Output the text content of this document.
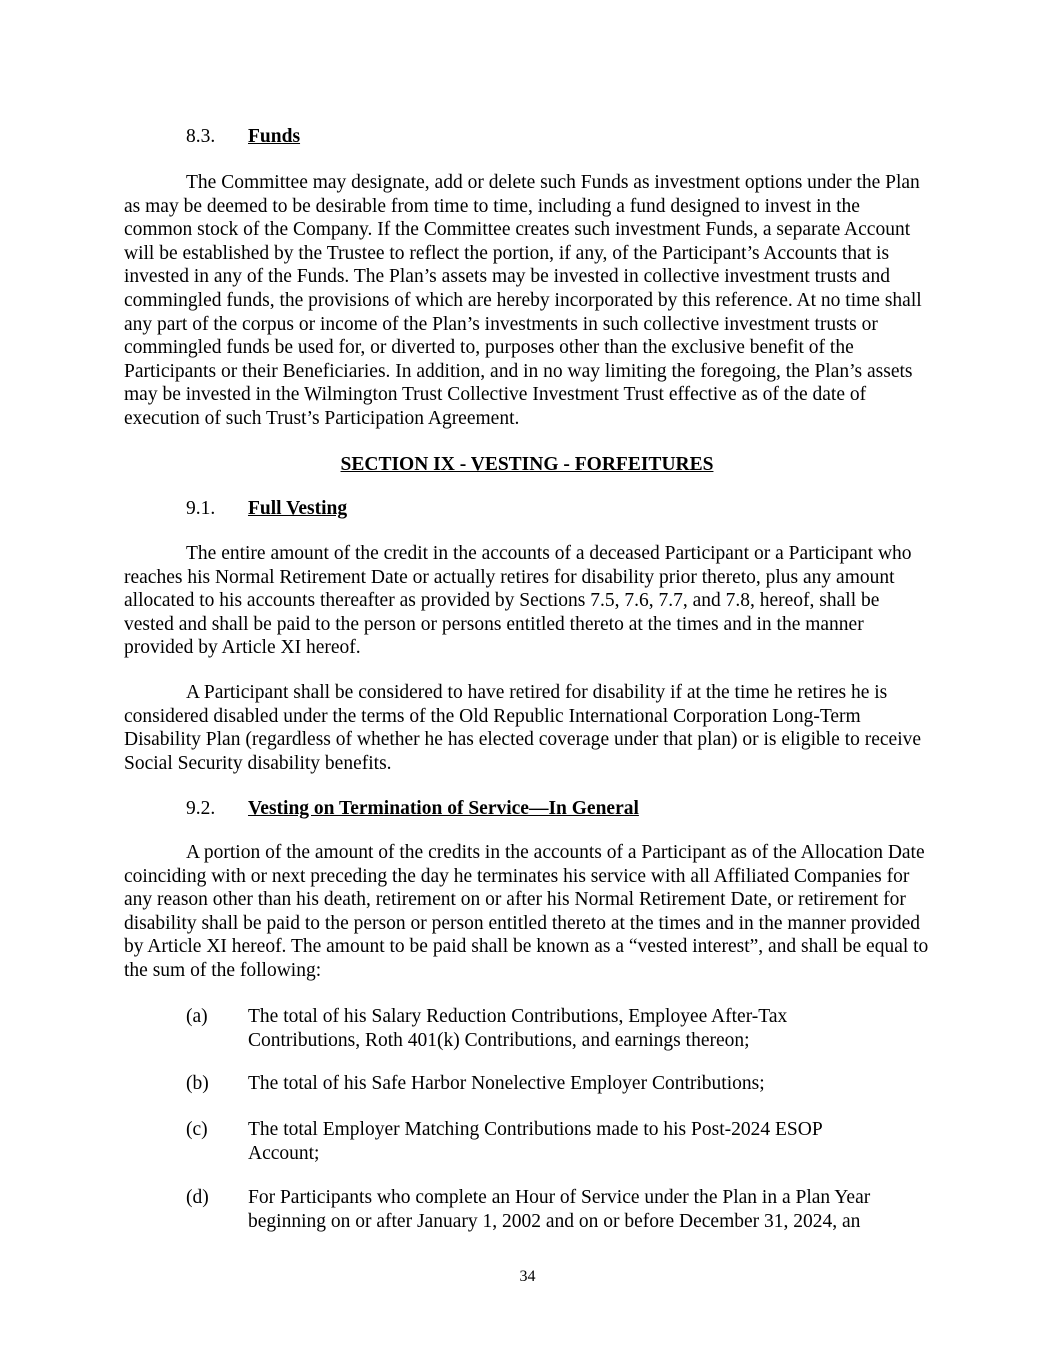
8.3. Funds

The Committee may designate, add or delete such Funds as investment options under the Plan as may be deemed to be desirable from time to time, including a fund designed to invest in the common stock of the Company. If the Committee creates such investment Funds, a separate Account will be established by the Trustee to reflect the portion, if any, of the Participant’s Accounts that is invested in any of the Funds. The Plan’s assets may be invested in collective investment trusts and commingled funds, the provisions of which are hereby incorporated by this reference. At no time shall any part of the corpus or income of the Plan’s investments in such collective investment trusts or commingled funds be used for, or diverted to, purposes other than the exclusive benefit of the Participants or their Beneficiaries. In addition, and in no way limiting the foregoing, the Plan’s assets may be invested in the Wilmington Trust Collective Investment Trust effective as of the date of execution of such Trust’s Participation Agreement.

SECTION IX - VESTING - FORFEITURES
9.1. Full Vesting

The entire amount of the credit in the accounts of a deceased Participant or a Participant who reaches his Normal Retirement Date or actually retires for disability prior thereto, plus any amount allocated to his accounts thereafter as provided by Sections 7.5, 7.6, 7.7, and 7.8, hereof, shall be vested and shall be paid to the person or persons entitled thereto at the times and in the manner provided by Article XI hereof.

A Participant shall be considered to have retired for disability if at the time he retires he is considered disabled under the terms of the Old Republic International Corporation Long-Term Disability Plan (regardless of whether he has elected coverage under that plan) or is eligible to receive Social Security disability benefits.

9.2. Vesting on Termination of Service—In General

A portion of the amount of the credits in the accounts of a Participant as of the Allocation Date coinciding with or next preceding the day he terminates his service with all Affiliated Companies for any reason other than his death, retirement on or after his Normal Retirement Date, or retirement for disability shall be paid to the person or person entitled thereto at the times and in the manner provided by Article XI hereof. The amount to be paid shall be known as a “vested interest”, and shall be equal to the sum of the following:

(a) The total of his Salary Reduction Contributions, Employee After-Tax Contributions, Roth 401(k) Contributions, and earnings thereon;
(b) The total of his Safe Harbor Nonelective Employer Contributions;
(c) The total Employer Matching Contributions made to his Post-2024 ESOP Account;
(d) For Participants who complete an Hour of Service under the Plan in a Plan Year beginning on or after January 1, 2002 and on or before December 31, 2024, an
34
